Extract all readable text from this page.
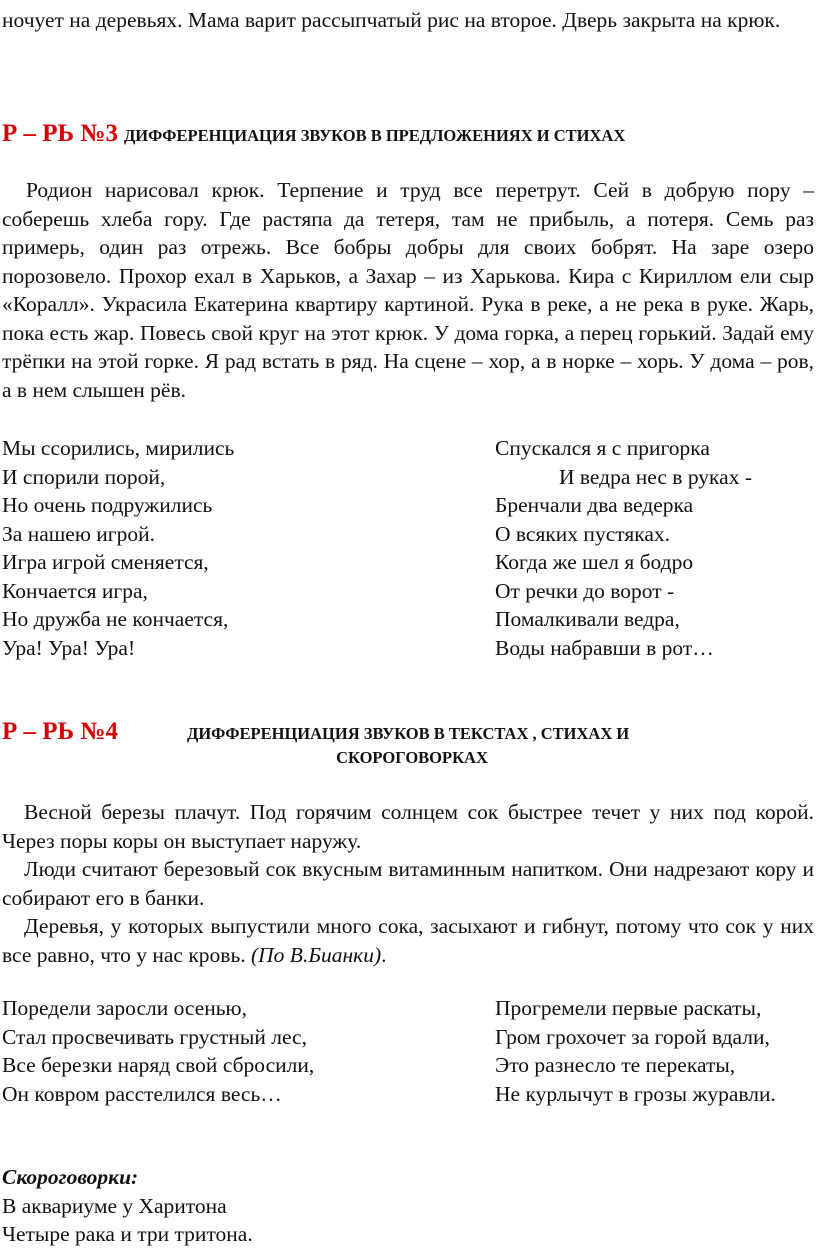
ночует на деревьях. Мама варит рассыпчатый рис на второе. Дверь закрыта на крюк.

Р – РЬ №3 ДИФФЕРЕНЦИАЦИЯ ЗВУКОВ В ПРЕДЛОЖЕНИЯХ И СТИХАХ

Родион нарисовал крюк. Терпение и труд все перетрут. Сей в добрую пору – соберешь хлеба гору. Где растяпа да тетеря, там не прибыль, а потеря. Семь раз примерь, один раз отрежь. Все бобры добры для своих бобрят. На заре озеро порозовело. Прохор ехал в Харьков, а Захар – из Харькова. Кира с Кириллом ели сыр «Коралл». Украсила Екатерина квартиру картиной. Рука в реке, а не река в руке. Жарь, пока есть жар. Повесь свой круг на этот крюк. У дома горка, а перец горький. Задай ему трёпки на этой горке. Я рад встать в ряд. На сцене – хор, а в норке – хорь. У дома – ров, а в нем слышен рёв.

Мы ссорились, мирились
И спорили порой,
Но очень подружились
За нашею игрой.
Игра игрой сменяется,
Кончается игра,
Но дружба не кончается,
Ура! Ура! Ура!
Спускался я с пригорка
И ведра нес в руках -
Бренчали два ведерка
О всяких пустяках.
Когда же шел я бодро
От речки до ворот -
Помалкивали ведра,
Воды набравши в рот…
Р – РЬ №4	ДИФФЕРЕНЦИАЦИЯ ЗВУКОВ В ТЕКСТАХ , СТИХАХ И
СКОРОГОВОРКАХ
Весной березы плачут. Под горячим солнцем сок быстрее течет у них под корой. Через поры коры он выступает наружу.
Люди считают березовый сок вкусным витаминным напитком. Они надрезают кору и собирают его в банки.
Деревья, у которых выпустили много сока, засыхают и гибнут, потому что сок у них все равно, что у нас кровь. (По В.Бианки).
Поредели заросли осенью,
Стал просвечивать грустный лес,
Все березки наряд свой сбросили,
Он ковром расстелился весь…
Прогремели первые раскаты,
Гром грохочет за горой вдали,
Это разнесло те перекаты,
Не курлычут в грозы журавли.
Скороговорки:
В аквариуме у Харитона
Четыре рака и три тритона.
